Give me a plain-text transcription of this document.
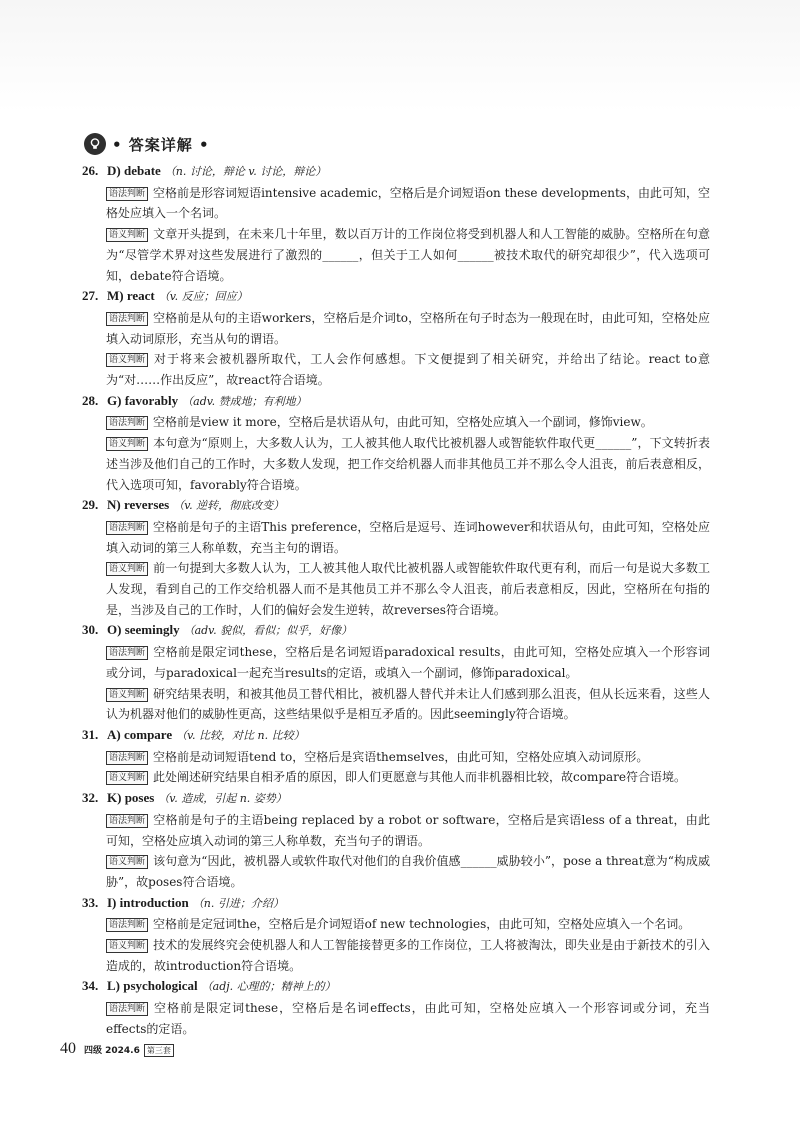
• 答案详解 •
26. D) debate （n. 讨论，辩论 v. 讨论，辩论）
语法判断 空格前是形容词短语intensive academic，空格后是介词短语on these developments，由此可知，空格处应填入一个名词。
语义判断 文章开头提到，在未来几十年里，数以百万计的工作岗位将受到机器人和人工智能的威胁。空格所在句意为“尽管学术界对这些发展进行了激烈的______，但关于工人如何______被技术取代的研究却很少”，代入选项可知，debate符合语境。
27. M) react （v. 反应；回应）
语法判断 空格前是从句的主语workers，空格后是介词to，空格所在句子时态为一般现在时，由此可知，空格处应填入动词原形，充当从句的谓语。
语义判断 对于将来会被机器所取代，工人会作何感想。下文便提到了相关研究，并给出了结论。react to意为“对……作出反应”，故react符合语境。
28. G) favorably （adv. 赞成地；有利地）
语法判断 空格前是view it more，空格后是状语从句，由此可知，空格处应填入一个副词，修饰view。
语义判断 本句意为“原则上，大多数人认为，工人被其他人取代比被机器人或智能软件取代更______”，下文转折表述当涉及他们自己的工作时，大多数人发现，把工作交给机器人而非其他员工并不那么令人沮丧，前后表意相反，代入选项可知，favorably符合语境。
29. N) reverses （v. 逆转，彻底改变）
语法判断 空格前是句子的主语This preference，空格后是逗号、连词however和状语从句，由此可知，空格处应填入动词的第三人称单数，充当主句的谓语。
语义判断 前一句提到大多数人认为，工人被其他人取代比被机器人或智能软件取代更有利，而后一句是说大多数工人发现，看到自己的工作交给机器人而不是其他员工并不那么令人沮丧，前后表意相反，因此，空格所在句指的是，当涉及自己的工作时，人们的偏好会发生逆转，故reverses符合语境。
30. O) seemingly （adv. 貌似，看似；似乎，好像）
语法判断 空格前是限定词these，空格后是名词短语paradoxical results，由此可知，空格处应填入一个形容词或分词，与paradoxical一起充当results的定语，或填入一个副词，修饰paradoxical。
语义判断 研究结果表明，和被其他员工替代相比，被机器人替代并未让人们感到那么沮丧，但从长远来看，这些人认为机器对他们的威胁性更高，这些结果似乎是相互矛盾的。因此seemingly符合语境。
31. A) compare （v. 比较，对比 n. 比较）
语法判断 空格前是动词短语tend to，空格后是宾语themselves，由此可知，空格处应填入动词原形。
语义判断 此处阐述研究结果自相矛盾的原因，即人们更愿意与其他人而非机器相比较，故compare符合语境。
32. K) poses （v. 造成，引起 n. 姿势）
语法判断 空格前是句子的主语being replaced by a robot or software，空格后是宾语less of a threat，由此可知，空格处应填入动词的第三人称单数，充当句子的谓语。
语义判断 该句意为“因此，被机器人或软件取代对他们的自我价值感______威胁较小”，pose a threat意为“构成威胁”，故poses符合语境。
33. I) introduction （n. 引进；介绍）
语法判断 空格前是定冠词the，空格后是介词短语of new technologies，由此可知，空格处应填入一个名词。
语义判断 技术的发展终究会使机器人和人工智能接替更多的工作岗位，工人将被淘汰，即失业是由于新技术的引入造成的，故introduction符合语境。
34. L) psychological （adj. 心理的；精神上的）
语法判断 空格前是限定词these，空格后是名词effects，由此可知，空格处应填入一个形容词或分词，充当effects的定语。
40 四级 2024.6 第三套
